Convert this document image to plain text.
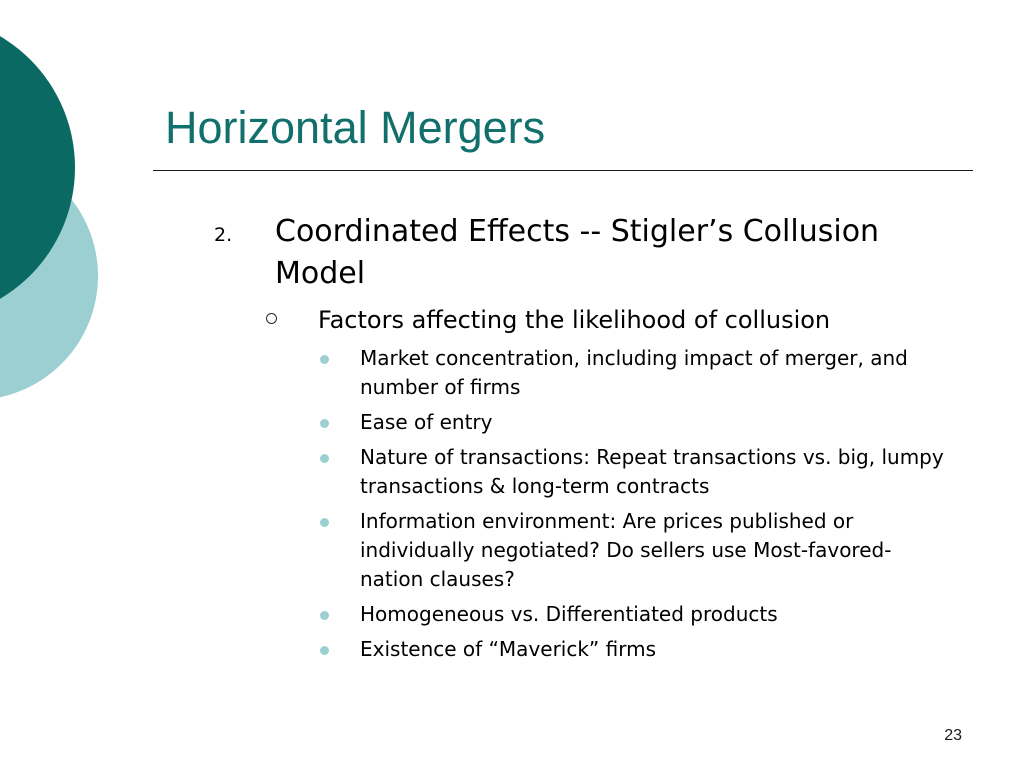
Horizontal Mergers
2. Coordinated Effects -- Stigler’s Collusion Model
Factors affecting the likelihood of collusion
Market concentration, including impact of merger, and number of firms
Ease of entry
Nature of transactions: Repeat transactions vs. big, lumpy transactions & long-term contracts
Information environment: Are prices published or individually negotiated? Do sellers use Most-favored-nation clauses?
Homogeneous vs. Differentiated products
Existence of “Maverick” firms
23
